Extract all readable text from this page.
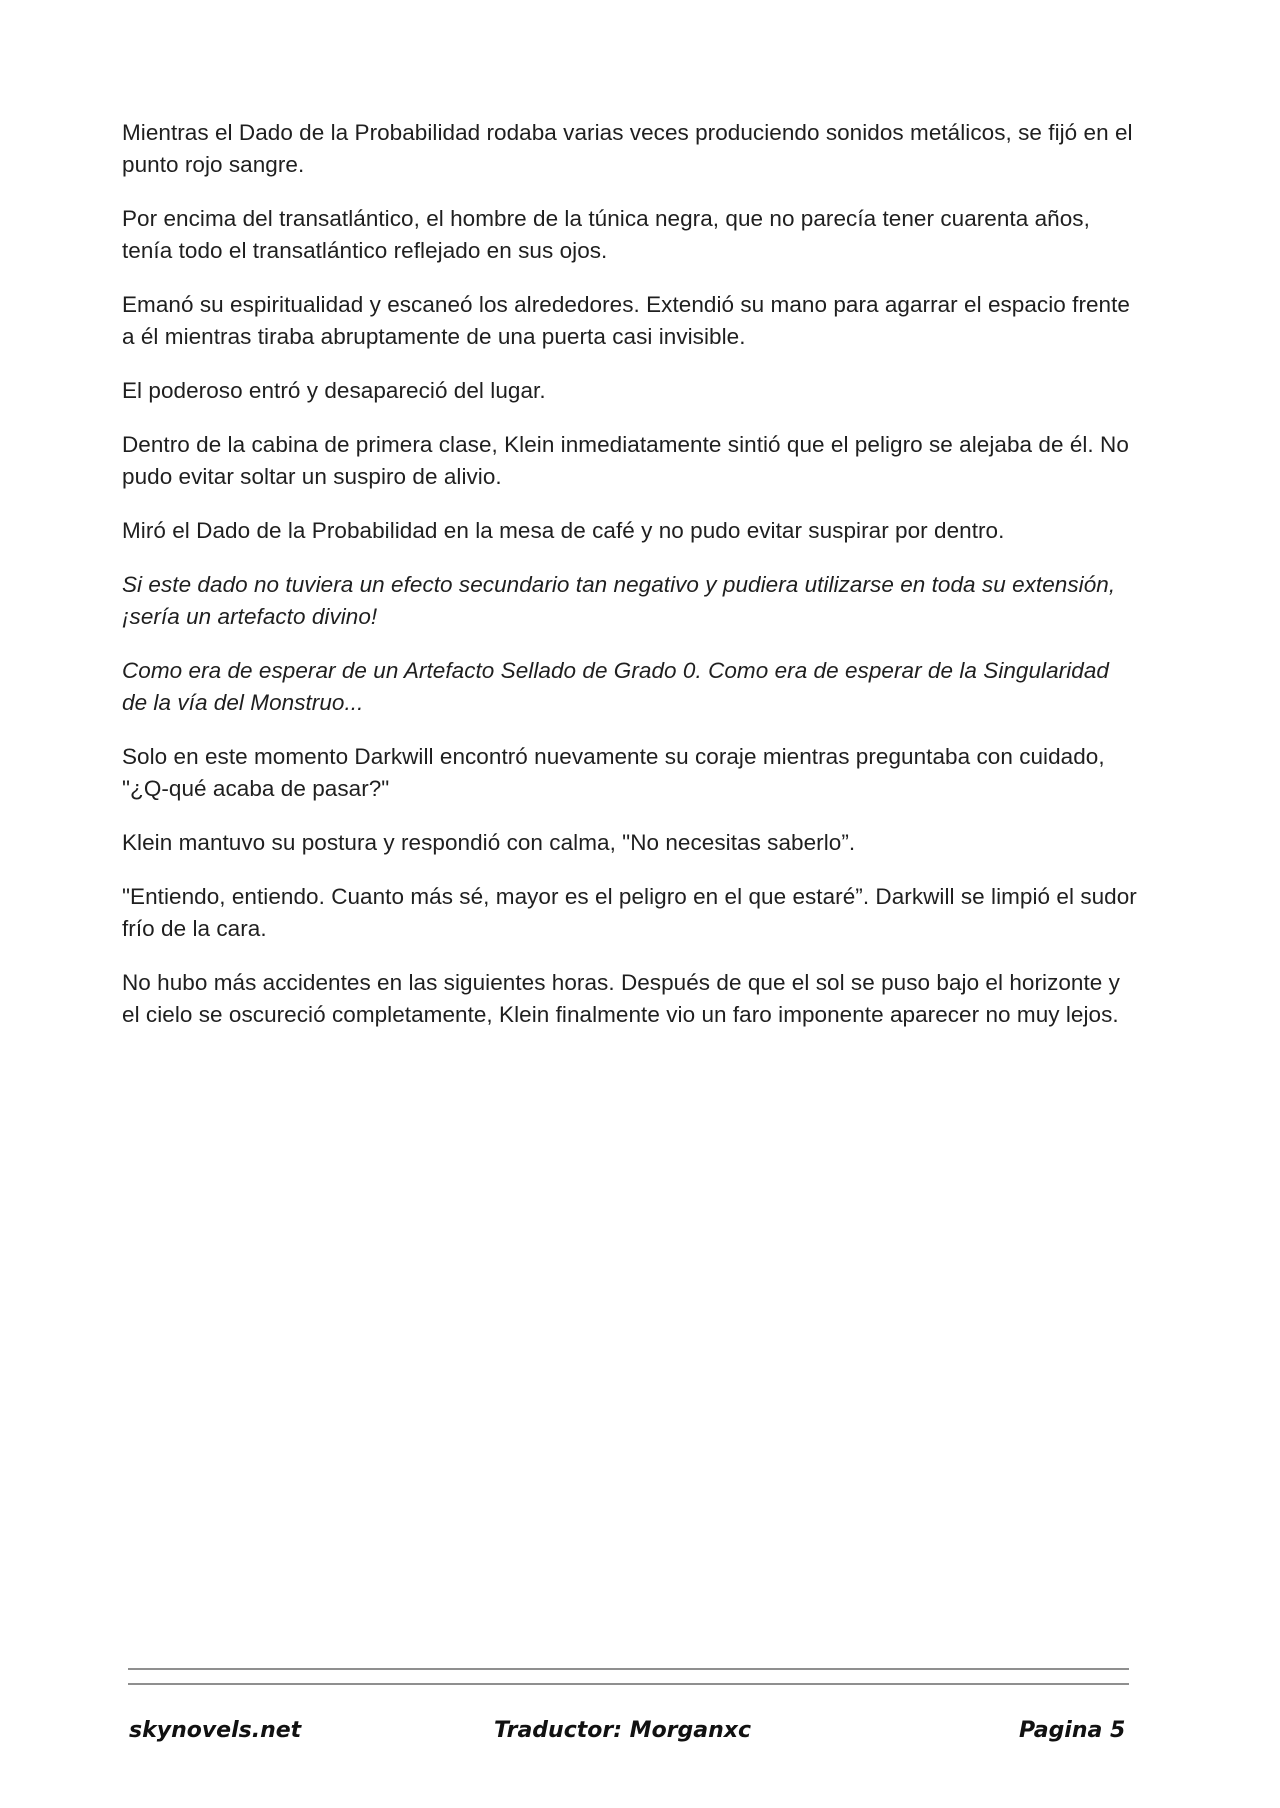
Mientras el Dado de la Probabilidad rodaba varias veces produciendo sonidos metálicos, se fijó en el punto rojo sangre.

Por encima del transatlántico, el hombre de la túnica negra, que no parecía tener cuarenta años, tenía todo el transatlántico reflejado en sus ojos.

Emanó su espiritualidad y escaneó los alrededores. Extendió su mano para agarrar el espacio frente a él mientras tiraba abruptamente de una puerta casi invisible.

El poderoso entró y desapareció del lugar.

Dentro de la cabina de primera clase, Klein inmediatamente sintió que el peligro se alejaba de él. No pudo evitar soltar un suspiro de alivio.

Miró el Dado de la Probabilidad en la mesa de café y no pudo evitar suspirar por dentro.

Si este dado no tuviera un efecto secundario tan negativo y pudiera utilizarse en toda su extensión, ¡sería un artefacto divino!

Como era de esperar de un Artefacto Sellado de Grado 0. Como era de esperar de la Singularidad de la vía del Monstruo...

Solo en este momento Darkwill encontró nuevamente su coraje mientras preguntaba con cuidado, "¿Q-qué acaba de pasar?"

Klein mantuvo su postura y respondió con calma, "No necesitas saberlo”.

"Entiendo, entiendo. Cuanto más sé, mayor es el peligro en el que estaré”. Darkwill se limpió el sudor frío de la cara.

No hubo más accidentes en las siguientes horas. Después de que el sol se puso bajo el horizonte y el cielo se oscureció completamente, Klein finalmente vio un faro imponente aparecer no muy lejos.

skynovels.net	Traductor: Morganxc	Pagina 5
